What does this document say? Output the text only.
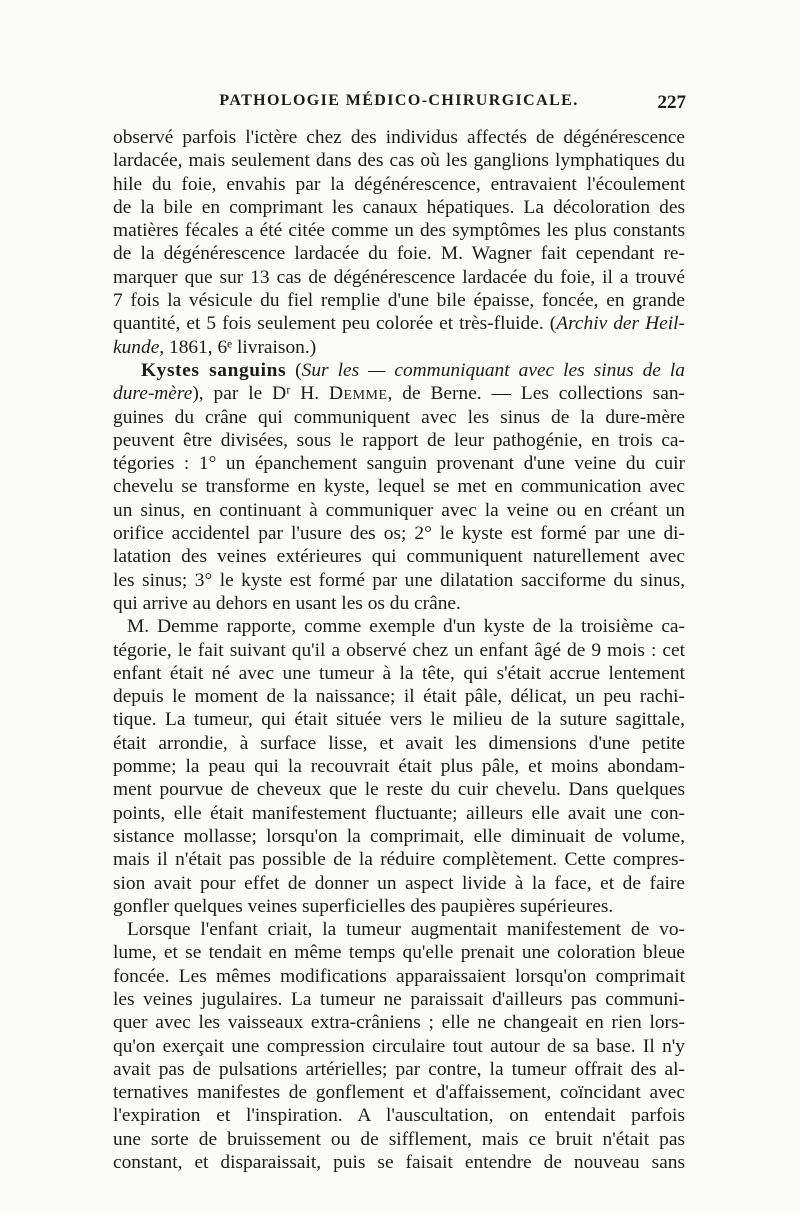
PATHOLOGIE MÉDICO-CHIRURGICALE.	227
observé parfois l'ictère chez des individus affectés de dégénérescence
lardacée, mais seulement dans des cas où les ganglions lymphatiques du
hile du foie, envahis par la dégénérescence, entravaient l'écoulement
de la bile en comprimant les canaux hépatiques. La décoloration des
matières fécales a été citée comme un des symptômes les plus constants
de la dégénérescence lardacée du foie. M. Wagner fait cependant re-
marquer que sur 13 cas de dégénérescence lardacée du foie, il a trouvé
7 fois la vésicule du fiel remplie d'une bile épaisse, foncée, en grande
quantité, et 5 fois seulement peu colorée et très-fluide. (Archiv der Heil-
kunde, 1861, 6ᵉ livraison.)
Kystes sanguins (Sur les — communiquant avec les sinus de la
dure-mère), par le Dʳ H. Demme, de Berne. — Les collections san-
guines du crâne qui communiquent avec les sinus de la dure-mère
peuvent être divisées, sous le rapport de leur pathogénie, en trois ca-
tégories : 1° un épanchement sanguin provenant d'une veine du cuir
chevelu se transforme en kyste, lequel se met en communication avec
un sinus, en continuant à communiquer avec la veine ou en créant un
orifice accidentel par l'usure des os; 2° le kyste est formé par une di-
latation des veines extérieures qui communiquent naturellement avec
les sinus; 3° le kyste est formé par une dilatation sacciforme du sinus,
qui arrive au dehors en usant les os du crâne.
M. Demme rapporte, comme exemple d'un kyste de la troisième ca-
tégorie, le fait suivant qu'il a observé chez un enfant âgé de 9 mois : cet
enfant était né avec une tumeur à la tête, qui s'était accrue lentement
depuis le moment de la naissance; il était pâle, délicat, un peu rachi-
tique. La tumeur, qui était située vers le milieu de la suture sagittale,
était arrondie, à surface lisse, et avait les dimensions d'une petite
pomme; la peau qui la recouvrait était plus pâle, et moins abondam-
ment pourvue de cheveux que le reste du cuir chevelu. Dans quelques
points, elle était manifestement fluctuante; ailleurs elle avait une con-
sistance mollasse; lorsqu'on la comprimait, elle diminuait de volume,
mais il n'était pas possible de la réduire complètement. Cette compres-
sion avait pour effet de donner un aspect livide à la face, et de faire
gonfler quelques veines superficielles des paupières supérieures.
Lorsque l'enfant criait, la tumeur augmentait manifestement de vo-
lume, et se tendait en même temps qu'elle prenait une coloration bleue
foncée. Les mêmes modifications apparaissaient lorsqu'on comprimait
les veines jugulaires. La tumeur ne paraissait d'ailleurs pas communi-
quer avec les vaisseaux extra-crâniens ; elle ne changeait en rien lors-
qu'on exerçait une compression circulaire tout autour de sa base. Il n'y
avait pas de pulsations artérielles; par contre, la tumeur offrait des al-
ternatives manifestes de gonflement et d'affaissement, coïncidant avec
l'expiration et l'inspiration. A l'auscultation, on entendait parfois
une sorte de bruissement ou de sifflement, mais ce bruit n'était pas
constant, et disparaissait, puis se faisait entendre de nouveau sans
